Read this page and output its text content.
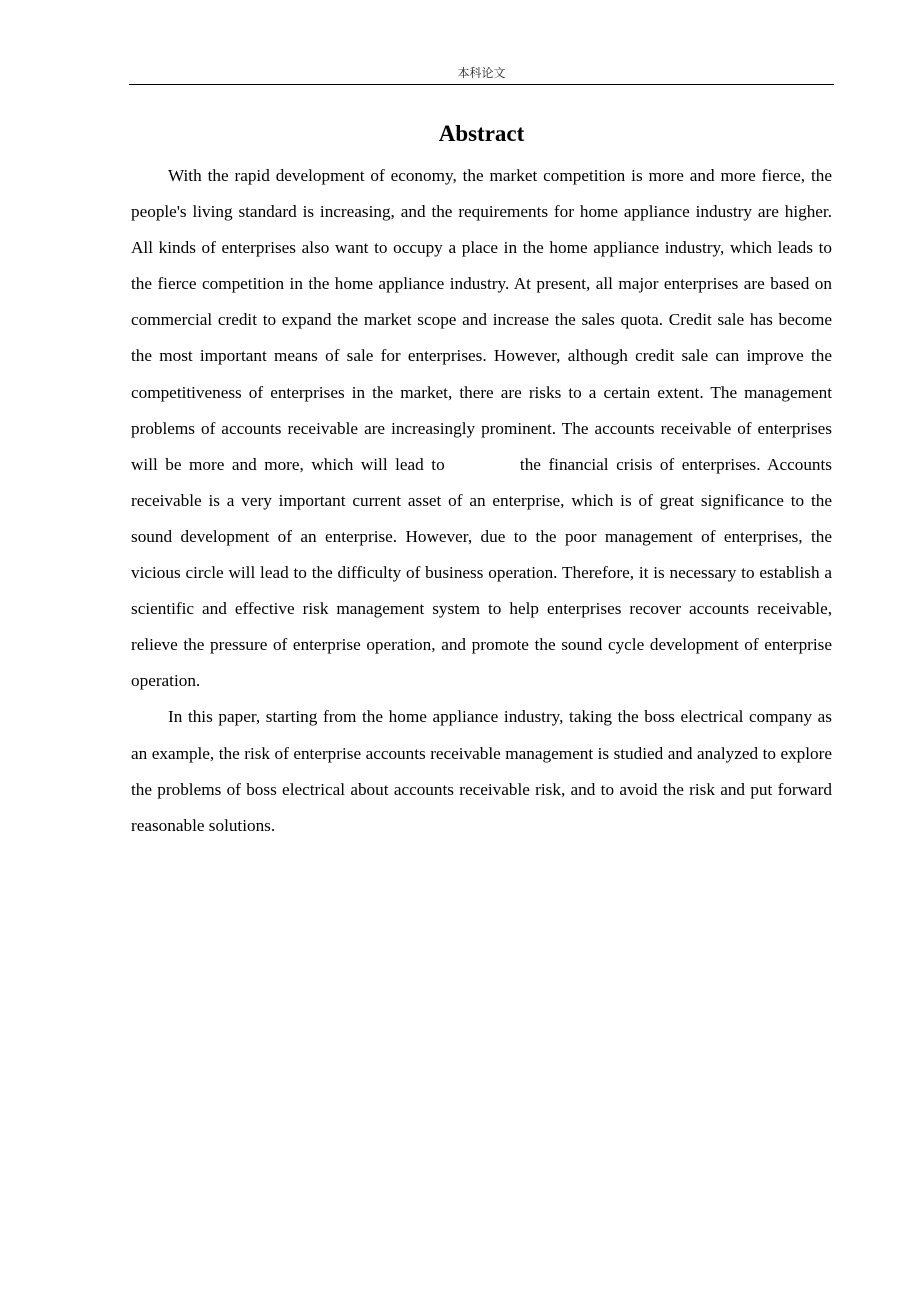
本科论文
Abstract

With the rapid development of economy, the market competition is more and more fierce, the people's living standard is increasing, and the requirements for home appliance industry are higher. All kinds of enterprises also want to occupy a place in the home appliance industry, which leads to the fierce competition in the home appliance industry. At present, all major enterprises are based on commercial credit to expand the market scope and increase the sales quota. Credit sale has become the most important means of sale for enterprises. However, although credit sale can improve the competitiveness of enterprises in the market, there are risks to a certain extent. The management problems of accounts receivable are increasingly prominent. The accounts receivable of enterprises will be more and more, which will lead to          the financial crisis of enterprises. Accounts receivable is a very important current asset of an enterprise, which is of great significance to the sound development of an enterprise. However, due to the poor management of enterprises, the vicious circle will lead to the difficulty of business operation. Therefore, it is necessary to establish a scientific and effective risk management system to help enterprises recover accounts receivable, relieve the pressure of enterprise operation, and promote the sound cycle development of enterprise operation.

In this paper, starting from the home appliance industry, taking the boss electrical company as an example, the risk of enterprise accounts receivable management is studied and analyzed to explore the problems of boss electrical about accounts receivable risk, and to avoid the risk and put forward reasonable solutions.
